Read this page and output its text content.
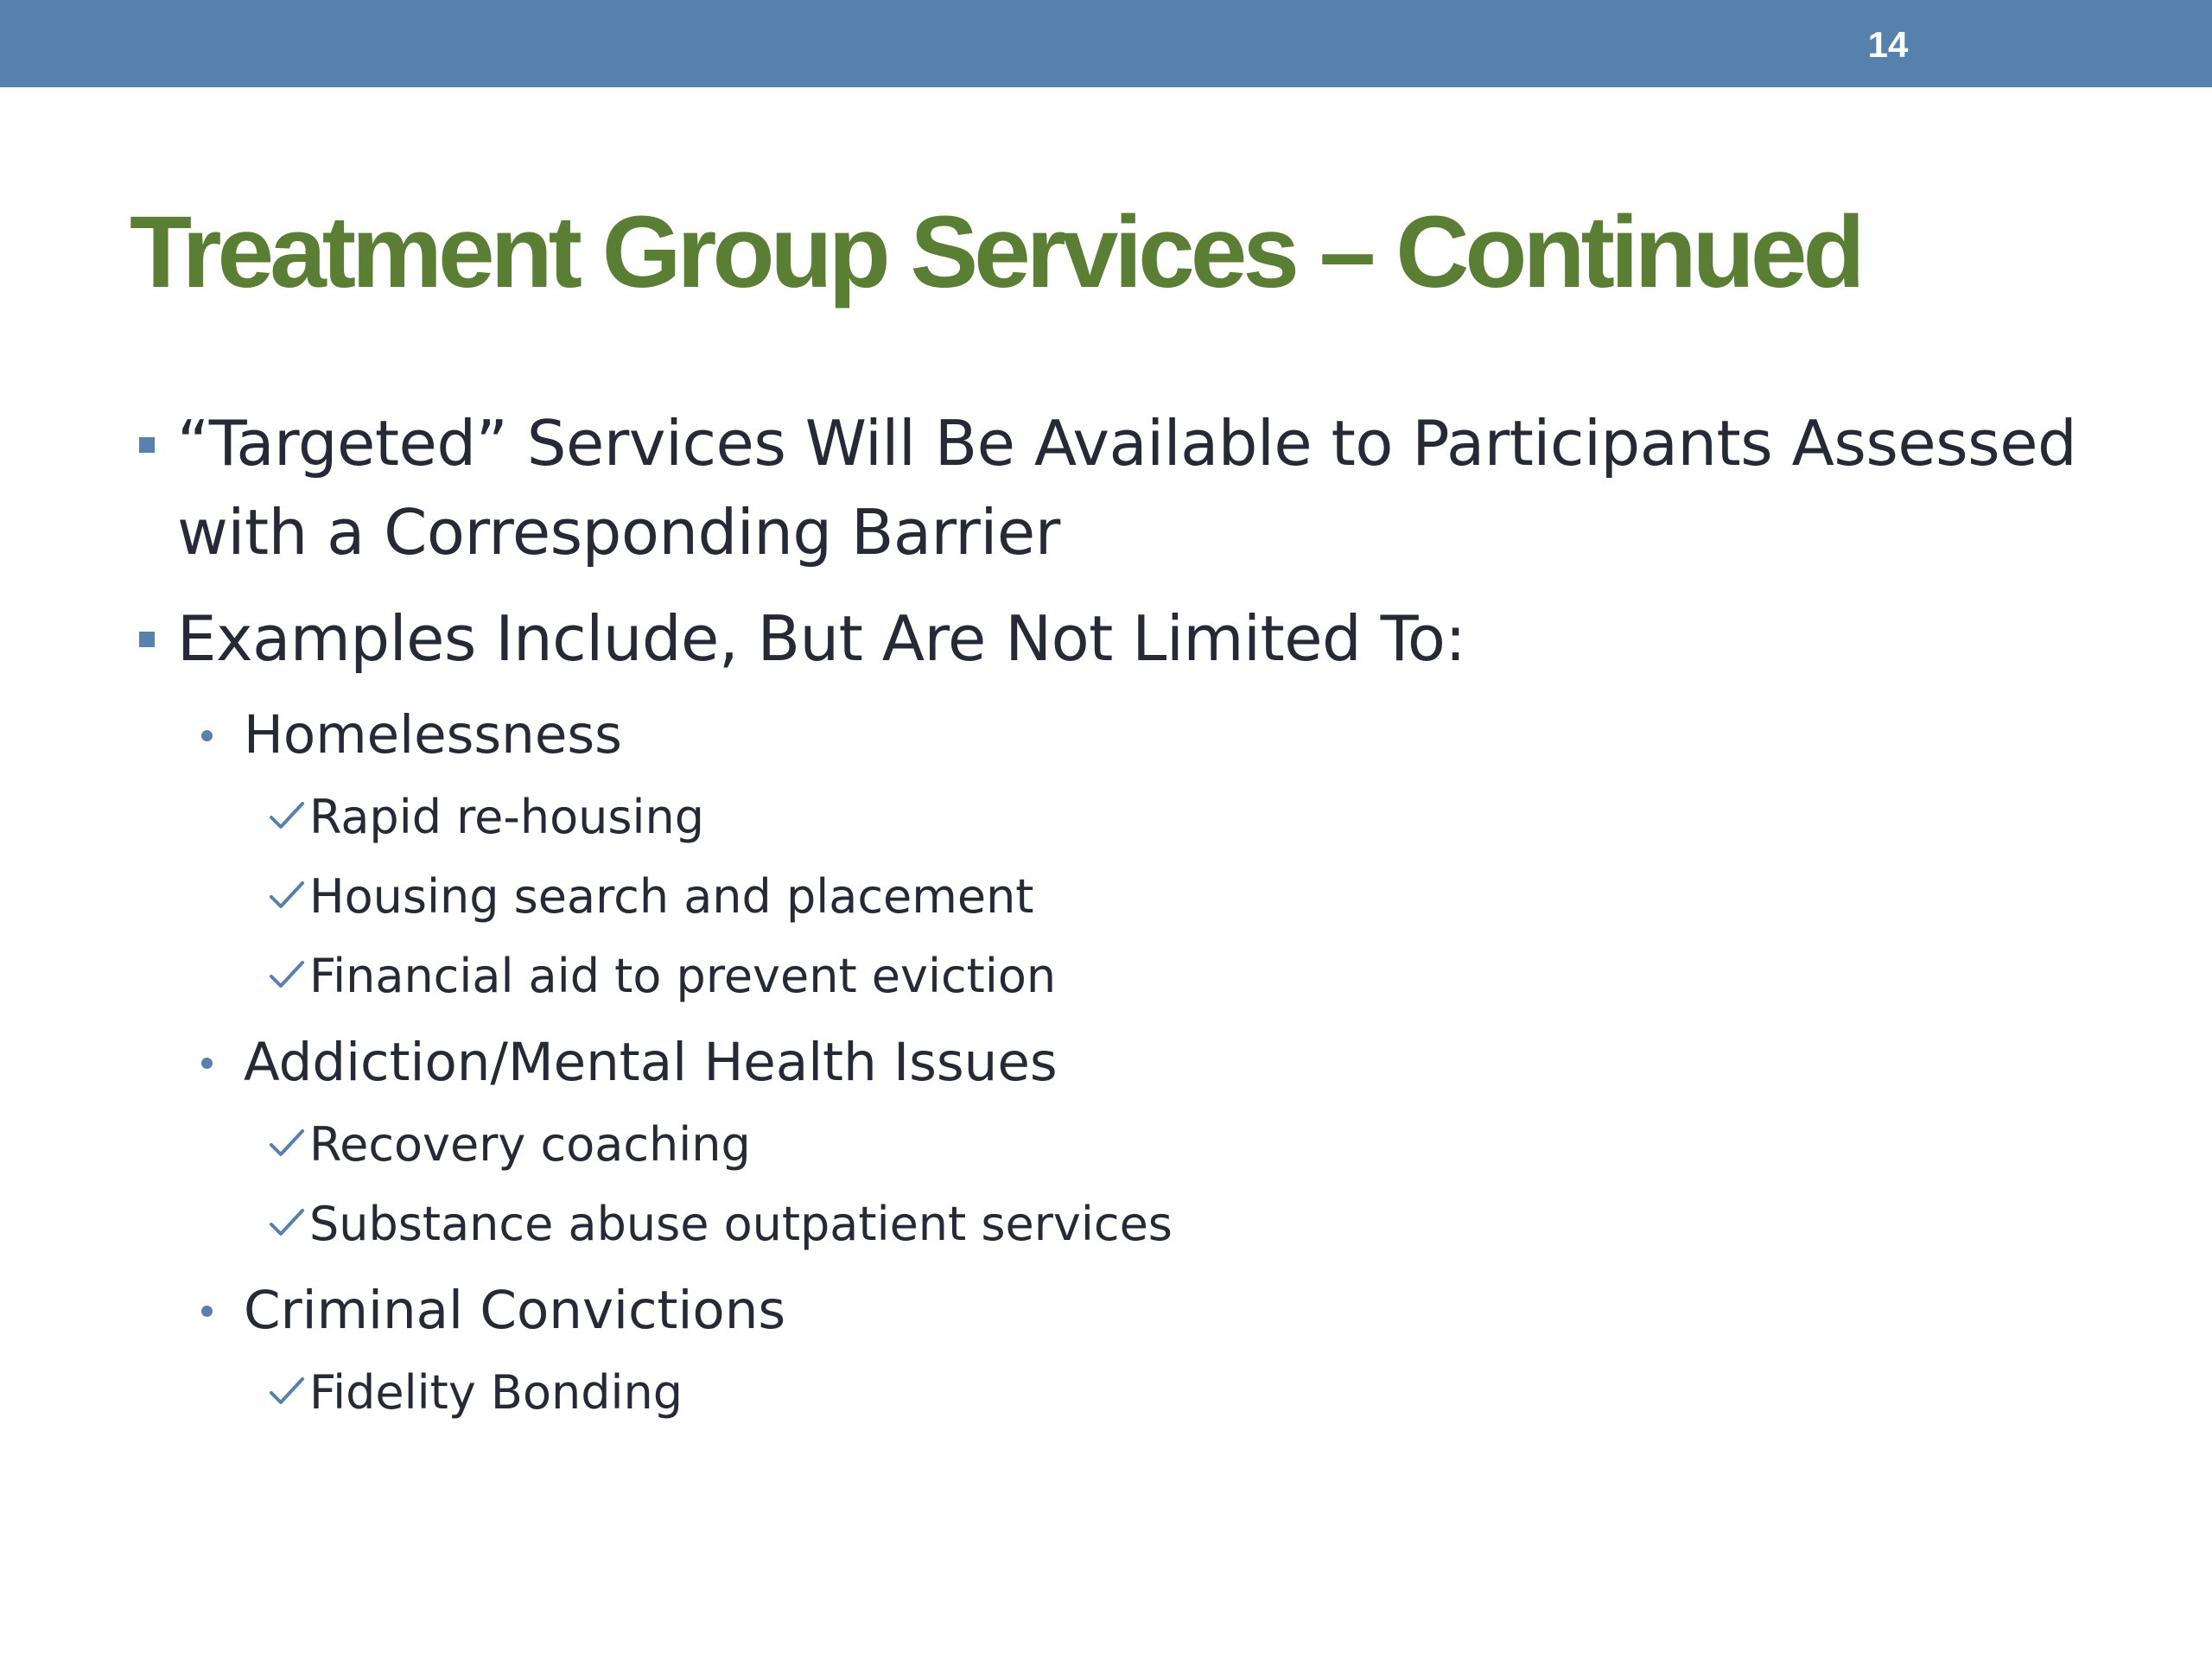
14
Treatment Group Services – Continued
“Targeted” Services Will Be Available to Participants Assessed
with a Corresponding Barrier
Examples Include, But Are Not Limited To:
Homelessness
Rapid re-housing
Housing search and placement
Financial aid to prevent eviction
Addiction/Mental Health Issues
Recovery coaching
Substance abuse outpatient services
Criminal Convictions
Fidelity Bonding
